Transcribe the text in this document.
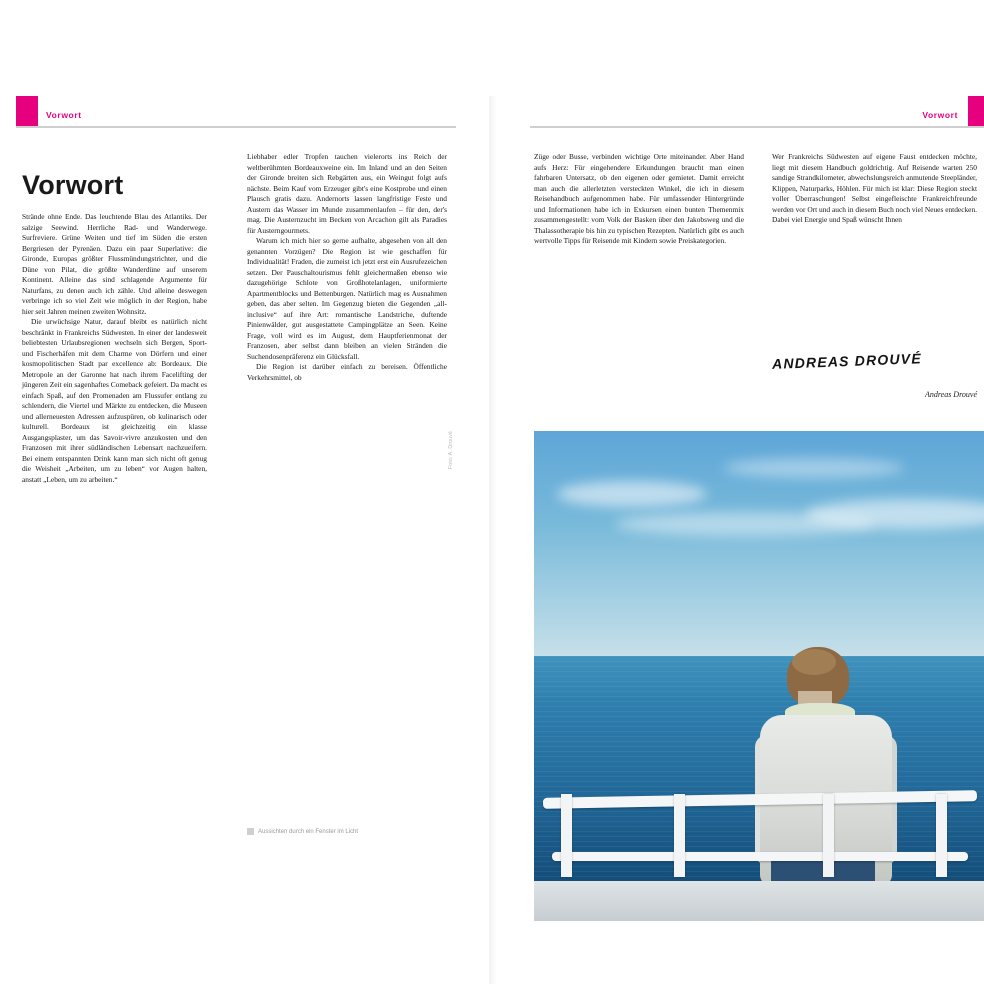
Vorwort
Vorwort

Strände ohne Ende. Das leuchtende Blau des Atlantiks. Der salzige Seewind. Herrliche Rad- und Wanderwege. Surfreviere. Grüne Weiten und tief im Süden die ersten Bergriesen der Pyrenäen. Dazu ein paar Superlative: die Gironde, Europas größter Flussmündungstrichter, und die Düne von Pilat, die größte Wanderdüne auf unserem Kontinent. Alleine das sind schlagende Argumente für Naturfans, zu denen auch ich zähle. Und alleine deswegen verbringe ich so viel Zeit wie möglich in der Region, habe hier seit Jahren meinen zweiten Wohnsitz.

Die urwüchsige Natur, darauf bleibt es natürlich nicht beschränkt in Frankreichs Südwesten. In einer der landesweit beliebtesten Urlaubsregionen wechseln sich Bergen, Sport- und Fischerhäfen mit dem Charme von Dörfern und einer kosmopolitischen Stadt par excellence ab: Bordeaux. Die Metropole an der Garonne hat nach ihrem Facelifting der jüngeren Zeit ein sagenhaftes Comeback gefeiert. Da macht es einfach Spaß, auf den Promenaden am Flussufer entlang zu schlendern, die Viertel und Märkte zu entdecken, die Museen und allerneuesten Adressen aufzuspüren, ob kulinarisch oder kulturell. Bordeaux ist gleichzeitig ein klasse Ausgangsplaster, um das Savoir-vivre anzukosten und den Franzosen mit ihrer südländischen Lebensart nachzueifern. Bei einem entspannten Drink kann man sich nicht oft genug die Weisheit „Arbeiten, um zu leben“ vor Augen halten, anstatt „Leben, um zu arbeiten.“

Liebhaber edler Tropfen tauchen vielerorts ins Reich der weltberühmten Bordeauxweine ein. Im Inland und an den Seiten der Gironde breiten sich Rebgärten aus, ein Weingut folgt aufs nächste. Beim Kauf vom Erzeuger gibt's eine Kostprobe und einen Plausch gratis dazu. Andernorts lassen langfristige Feste und Austern das Wasser im Munde zusammenlaufen – für den, der's mag. Die Austernzucht im Becken von Arcachon gilt als Paradies für Austerngourmets.

Warum ich mich hier so gerne aufhalte, abgesehen von all den genannten Vorzügen? Die Region ist wie geschaffen für Individualität! Fraden, die zumeist ich jetzt erst ein Ausrufezeichen setzen. Der Pauschaltourismus fehlt gleichermaßen ebenso wie dazugehörige Schlote von Großhotelanlagen, uniformierte Apartmentblocks und Bettenburgen. Natürlich mag es Ausnahmen geben, das aber selten. Im Gegenzug bieten die Gegenden „all-inclusive“ auf ihre Art: romantische Landstriche, duftende Pinienwälder, gut ausgestattete Campingplätze an Seen. Keine Frage, voll wird es im August, dem Hauptferienmonat der Franzosen, aber selbst dann bleiben an vielen Stränden die Suchendosenpräferenz ein Glücksfall.

Die Region ist darüber einfach zu bereisen. Öffentliche Verkehrsmittel, ob

Aussichten durch ein Fenster im Licht
Vorwort

Züge oder Busse, verbinden wichtige Orte miteinander. Aber Hand aufs Herz: Für eingehendere Erkundungen braucht man einen fahrbaren Untersatz, ob den eigenen oder gemietet. Damit erreicht man auch die allerletzten versteckten Winkel, die ich in diesem Reisehandbuch aufgenommen habe. Für umfassender Hintergründe und Informationen habe ich in Exkursen einen bunten Themenmix zusammengestellt: vom Volk der Basken über den Jakobsweg und die Thalassotherapie bis hin zu typischen Rezepten. Natürlich gibt es auch wertvolle Tipps für Reisende mit Kindern sowie Preiskategorien.

Wer Frankreichs Südwesten auf eigene Faust entdecken möchte, liegt mit diesem Handbuch goldrichtig. Auf Reisende warten 250 sandige Strandkilometer, abwechslungsreich anmutende Steepländer, Klippen, Naturparks, Höhlen. Für mich ist klar: Diese Region steckt voller Überraschungen! Selbst eingefleischte Frankreichfreunde werden vor Ort und auch in diesem Buch noch viel Neues entdecken. Dabei viel Energie und Spaß wünscht Ihnen

ANDREAS DROUVÉ
Andreas Drouvé
Foto: A. Drouvé
